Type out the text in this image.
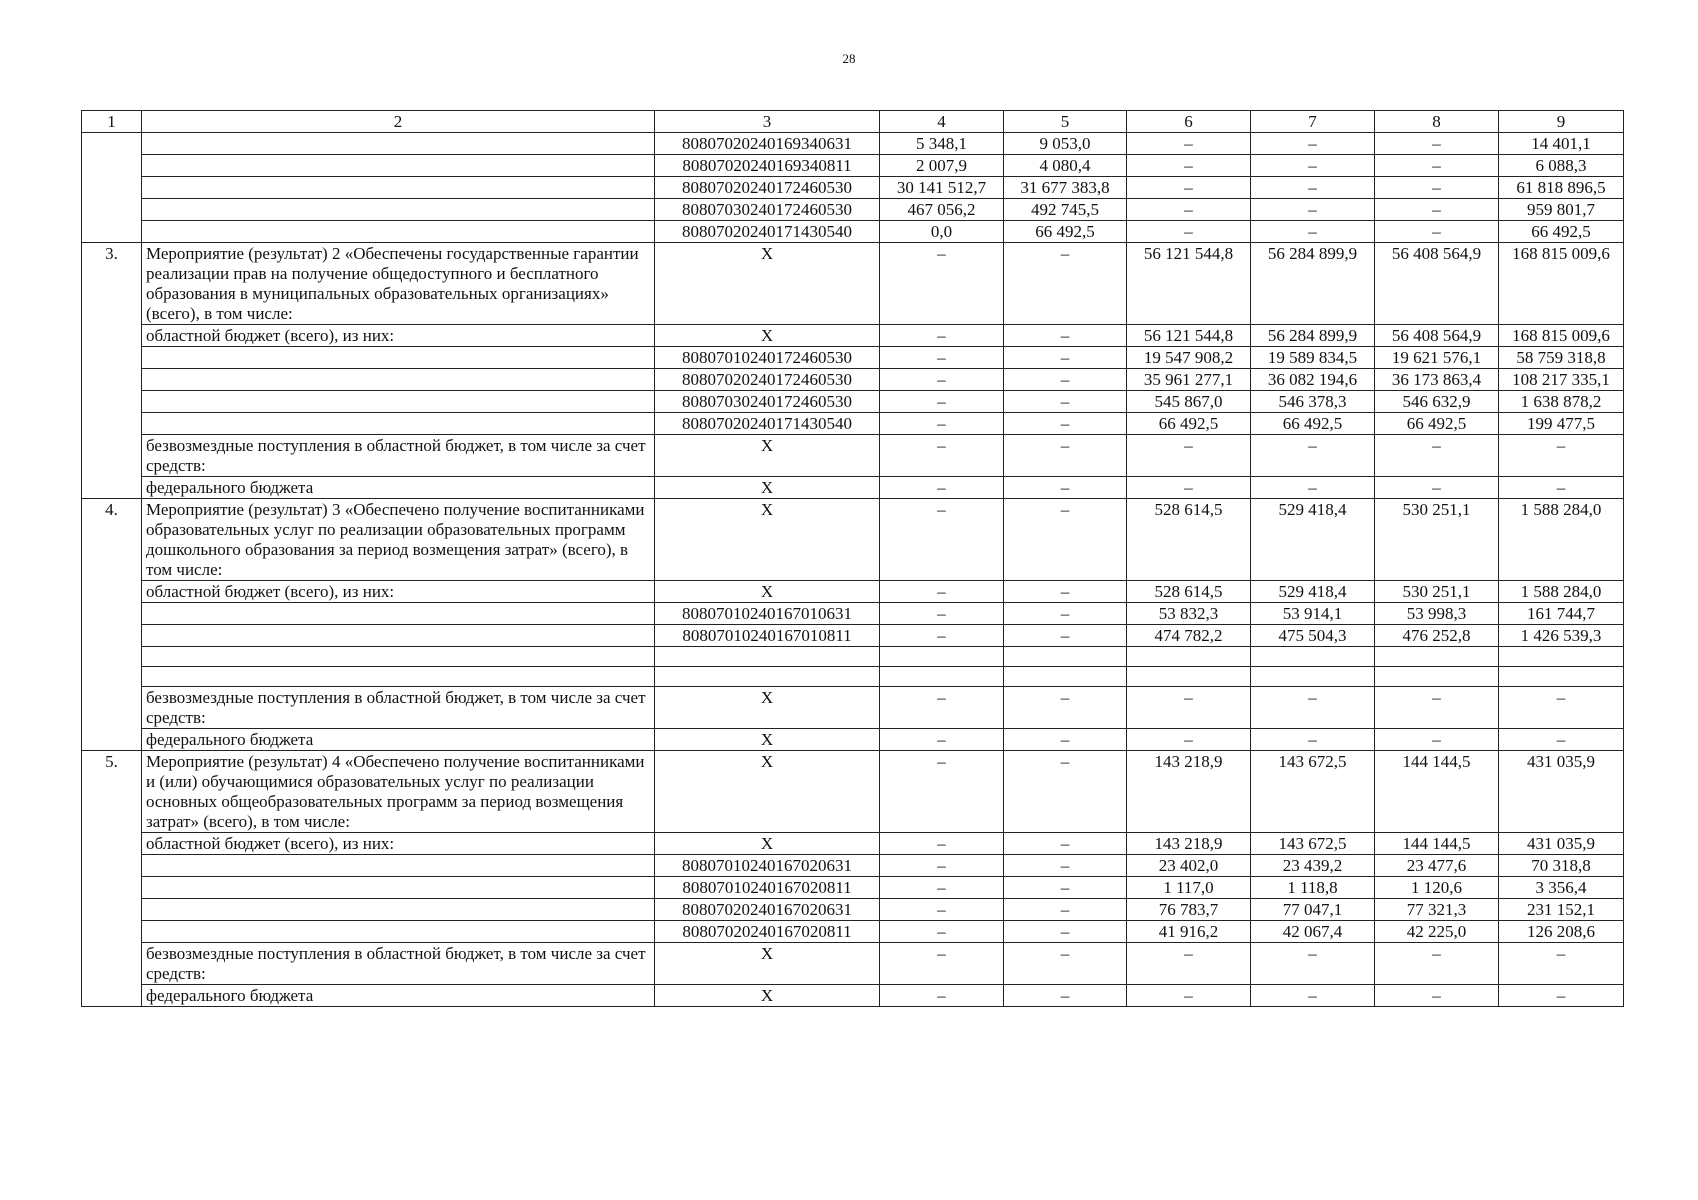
28
1	2	3	4	5	6	7	8	9
		80807020240169340631	5 348,1	9 053,0	–	–	–	14 401,1
		80807020240169340811	2 007,9	4 080,4	–	–	–	6 088,3
		80807020240172460530	30 141 512,7	31 677 383,8	–	–	–	61 818 896,5
		80807030240172460530	467 056,2	492 745,5	–	–	–	959 801,7
		80807020240171430540	0,0	66 492,5	–	–	–	66 492,5
3.	Мероприятие (результат) 2 «Обеспечены государственные гарантии реализации прав на получение общедоступного и бесплатного образования в муниципальных образовательных организациях» (всего), в том числе:	X	–	–	56 121 544,8	56 284 899,9	56 408 564,9	168 815 009,6
	областной бюджет (всего), из них:	X	–	–	56 121 544,8	56 284 899,9	56 408 564,9	168 815 009,6
		80807010240172460530	–	–	19 547 908,2	19 589 834,5	19 621 576,1	58 759 318,8
		80807020240172460530	–	–	35 961 277,1	36 082 194,6	36 173 863,4	108 217 335,1
		80807030240172460530	–	–	545 867,0	546 378,3	546 632,9	1 638 878,2
		80807020240171430540	–	–	66 492,5	66 492,5	66 492,5	199 477,5
	безвозмездные поступления в областной бюджет, в том числе за счет средств:	X	–	–	–	–	–	–
	федерального бюджета	X	–	–	–	–	–	–
4.	Мероприятие (результат) 3 «Обеспечено получение воспитанниками образовательных услуг по реализации образовательных программ дошкольного образования за период возмещения затрат» (всего), в том числе:	X	–	–	528 614,5	529 418,4	530 251,1	1 588 284,0
	областной бюджет (всего), из них:	X	–	–	528 614,5	529 418,4	530 251,1	1 588 284,0
		80807010240167010631	–	–	53 832,3	53 914,1	53 998,3	161 744,7
		80807010240167010811	–	–	474 782,2	475 504,3	476 252,8	1 426 539,3

	безвозмездные поступления в областной бюджет, в том числе за счет средств:	X	–	–	–	–	–	–
	федерального бюджета	X	–	–	–	–	–	–
5.	Мероприятие (результат) 4 «Обеспечено получение воспитанниками и (или) обучающимися образовательных услуг по реализации основных общеобразовательных программ за период возмещения затрат» (всего), в том числе:	X	–	–	143 218,9	143 672,5	144 144,5	431 035,9
	областной бюджет (всего), из них:	X	–	–	143 218,9	143 672,5	144 144,5	431 035,9
		80807010240167020631	–	–	23 402,0	23 439,2	23 477,6	70 318,8
		80807010240167020811	–	–	1 117,0	1 118,8	1 120,6	3 356,4
		80807020240167020631	–	–	76 783,7	77 047,1	77 321,3	231 152,1
		80807020240167020811	–	–	41 916,2	42 067,4	42 225,0	126 208,6
	безвозмездные поступления в областной бюджет, в том числе за счет средств:	X	–	–	–	–	–	–
	федерального бюджета	X	–	–	–	–	–	–
